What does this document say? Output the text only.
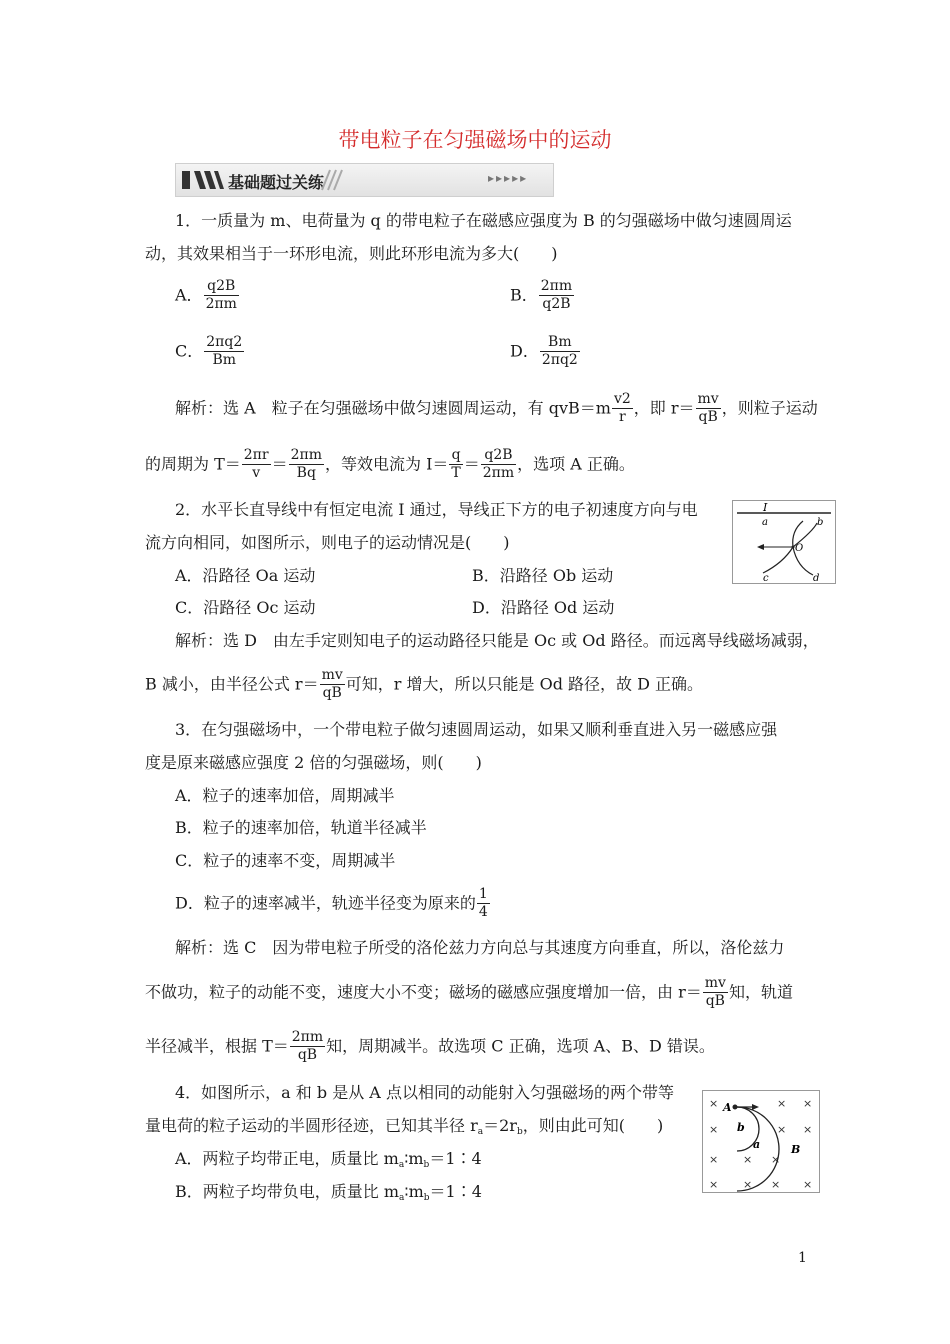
带电粒子在匀强磁场中的运动
基础题过关练	▸▸▸▸▸
1．一质量为 m、电荷量为 q 的带电粒子在磁感应强度为 B 的匀强磁场中做匀速圆周运
动，其效果相当于一环形电流，则此环形电流为多大(　　)
A． $\frac{q2B}{2\pi m}$	B． $\frac{2\pi m}{q2B}$
C． $\frac{2\pi q2}{Bm}$	D． $\frac{Bm}{2\pi q2}$
解析：选 A　粒子在匀强磁场中做匀速圆周运动，有 $qvB=m \frac{v2}{r}$ ，即 $r= \frac{mv}{qB}$ ，则粒子运动
的周期为 $T= \frac{2\pi r}{v} = \frac{2\pi m}{Bq}$ ，等效电流为 $I= \frac{q}{T} = \frac{q2B}{2\pi m}$ ，选项 A 正确。
2．水平长直导线中有恒定电流 I 通过，导线正下方的电子初速度方向与电
流方向相同，如图所示，则电子的运动情况是(　　)
I
a	b
O
c	d
A．沿路径 Oa 运动	B．沿路径 Ob 运动
C．沿路径 Oc 运动	D．沿路径 Od 运动
解析：选 D　由左手定则知电子的运动路径只能是 Oc 或 Od 路径。而远离导线磁场减弱，
B 减小，由半径公式 $r= \frac{mv}{qB}$ 可知，r 增大，所以只能是 Od 路径，故 D 正确。
3．在匀强磁场中，一个带电粒子做匀速圆周运动，如果又顺利垂直进入另一磁感应强
度是原来磁感应强度 2 倍的匀强磁场，则(　　)
A．粒子的速率加倍，周期减半
B．粒子的速率加倍，轨道半径减半
C．粒子的速率不变，周期减半
D．粒子的速率减半，轨迹半径变为原来的 $\frac{1}{4}$
解析：选 C　因为带电粒子所受的洛伦兹力方向总与其速度方向垂直，所以，洛伦兹力
不做功，粒子的动能不变，速度大小不变；磁场的磁感应强度增加一倍，由 $r= \frac{mv}{qB}$ 知，轨道
半径减半，根据 $T= \frac{2\pi m}{qB}$ 知，周期减半。故选项 C 正确，选项 A、B、D 错误。
4．如图所示，a 和 b 是从 A 点以相同的动能射入匀强磁场的两个带等
量电荷的粒子运动的半圆形径迹，已知其半径 $r_a=2r_b$，则由此可知(　　)
A．两粒子均带正电，质量比 $m_a∶m_b=1∶4$
B．两粒子均带负电，质量比 $m_a∶m_b=1∶4$
×	× ×
×	× ×
× × ×
× × × ×
A
b
a	B
1
